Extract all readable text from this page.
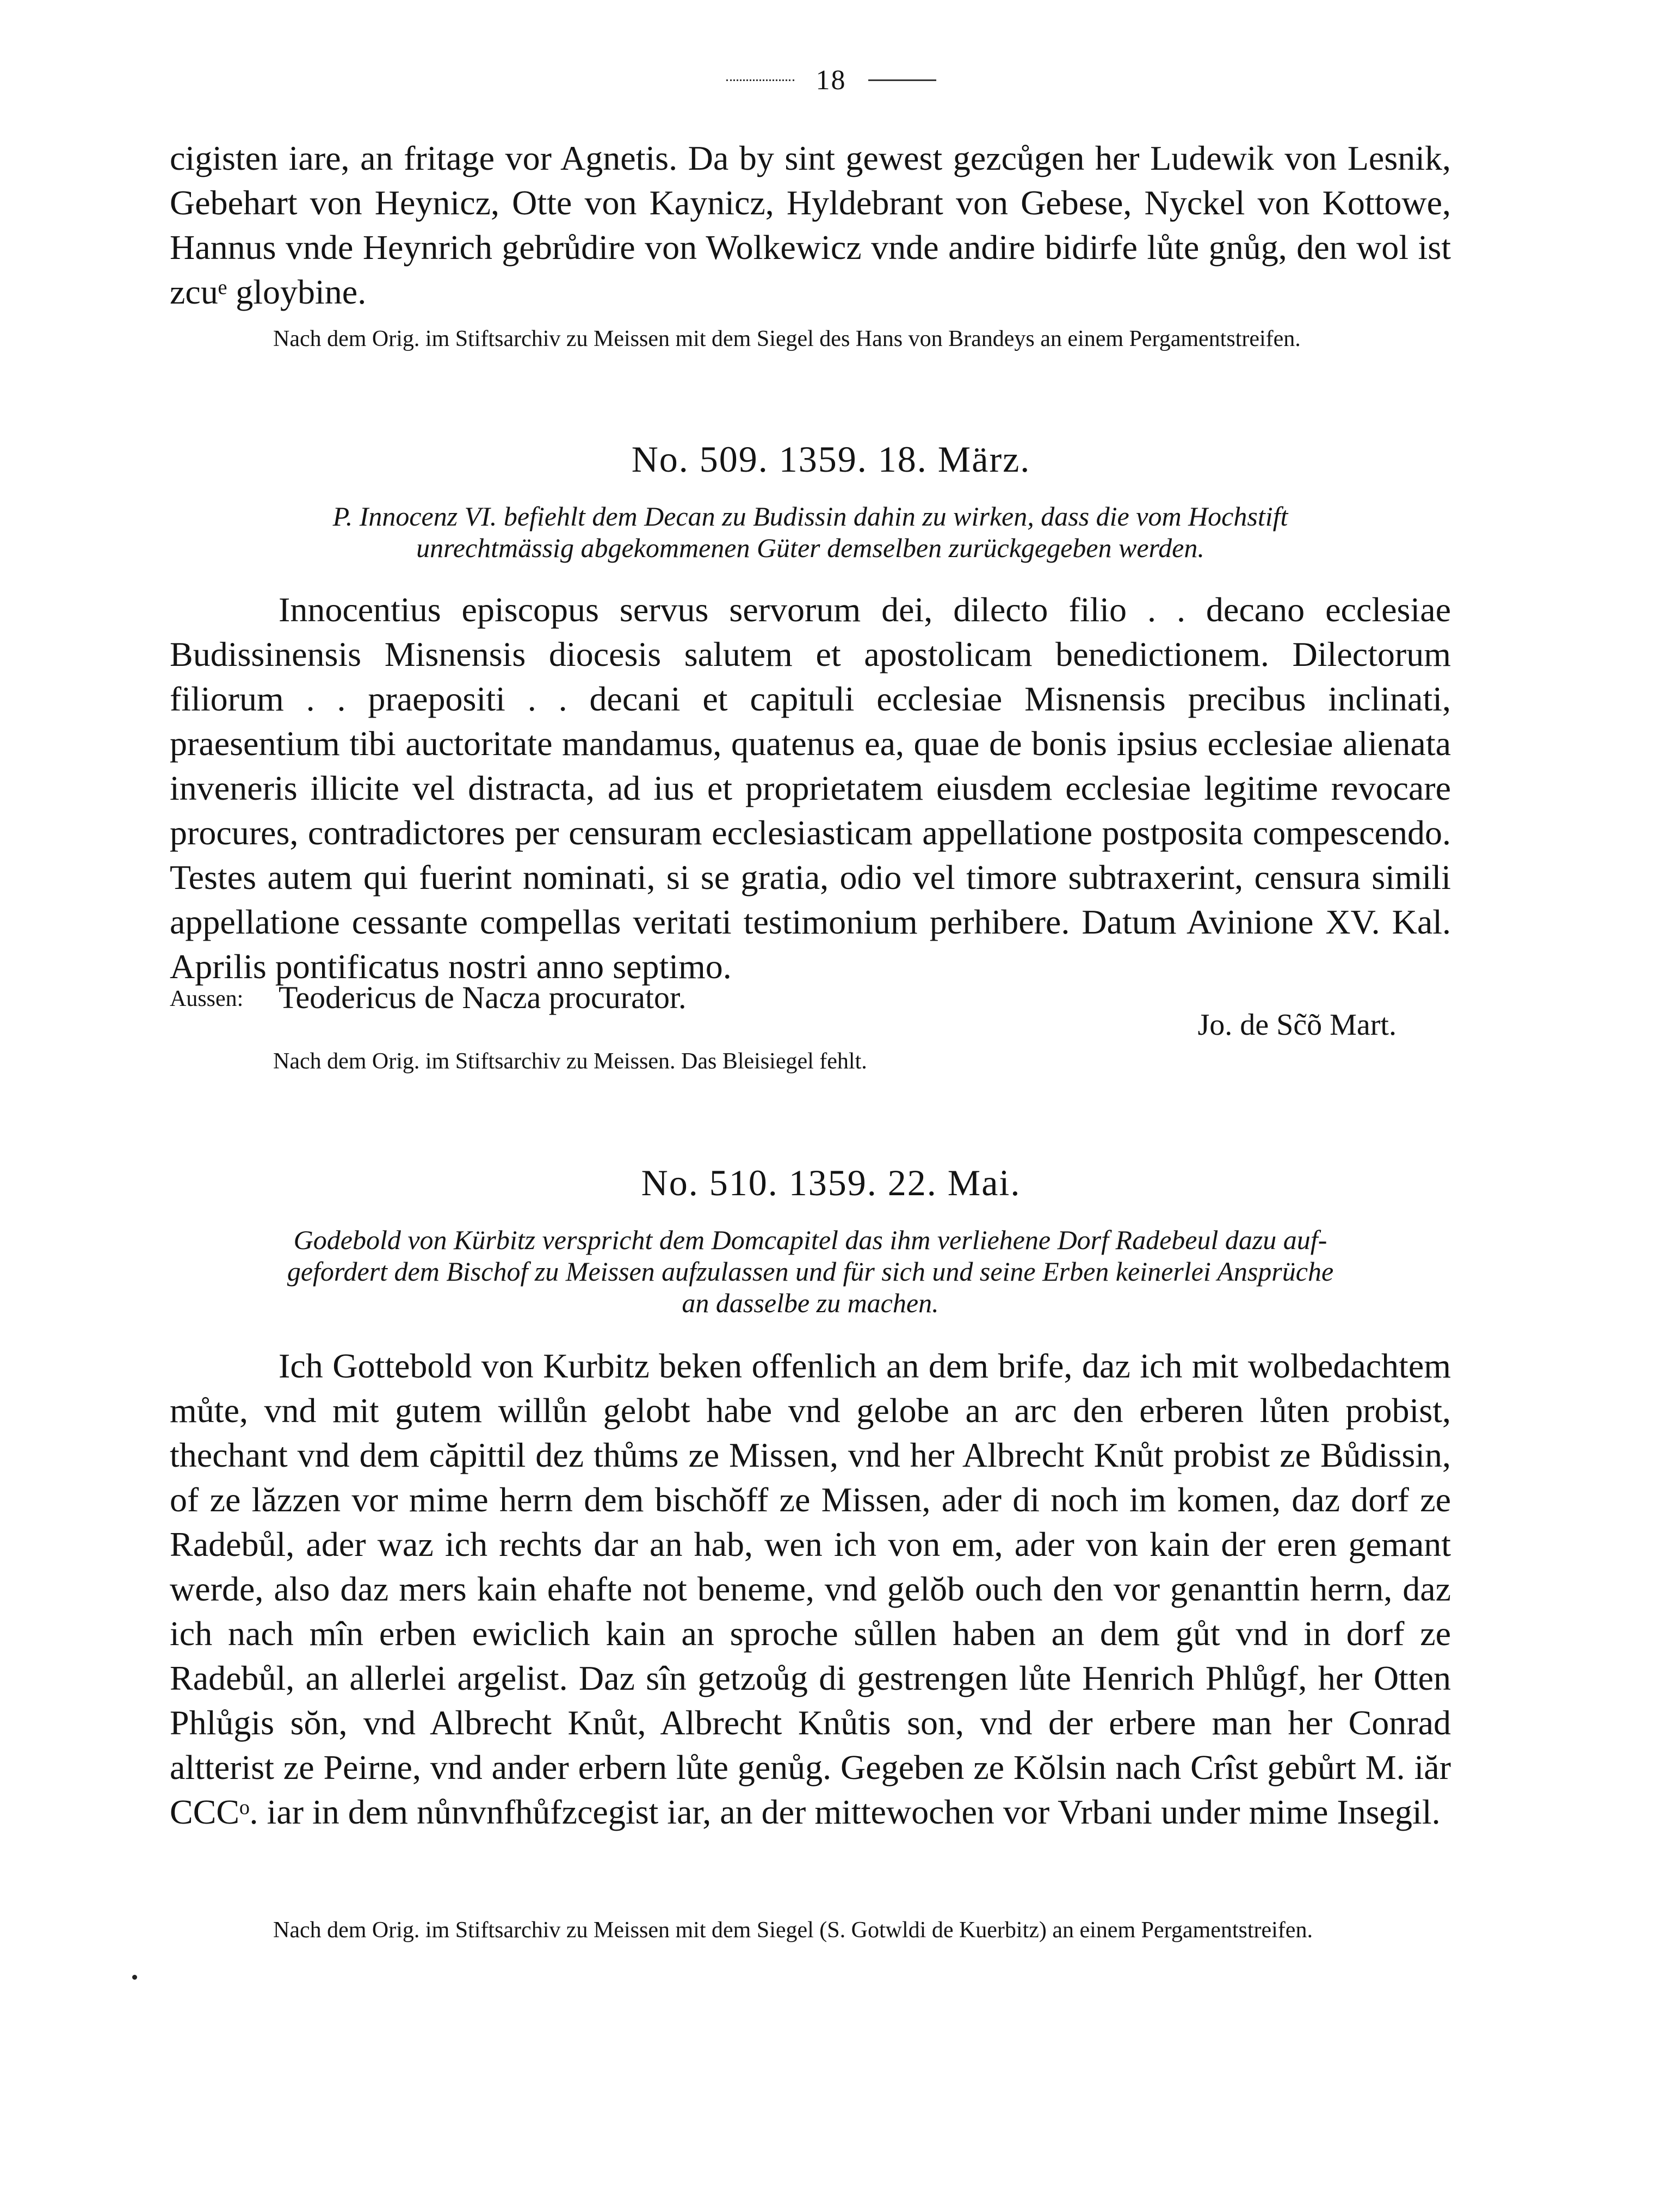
18

cigisten iare, an fritage vor Agnetis. Da by sint gewest gezcůgen her Ludewik von Lesnik, Gebehart von Heynicz, Otte von Kaynicz, Hyldebrant von Gebese, Nyckel von Kottowe, Hannus vnde Heynrich gebrůdire von Wolkewicz vnde andire bidirfe lůte gnůg, den wol ist zcuᵉ gloybine.

Nach dem Orig. im Stiftsarchiv zu Meissen mit dem Siegel des Hans von Brandeys an einem Pergamentstreifen.

No. 509. 1359. 18. März.

P. Innocenz VI. befiehlt dem Decan zu Budissin dahin zu wirken, dass die vom Hochstift

unrechtmässig abgekommenen Güter demselben zurückgegeben werden.

Innocentius episcopus servus servorum dei, dilecto filio . . decano ecclesiae Budissinensis Misnensis diocesis salutem et apostolicam benedictionem. Dilectorum filiorum . . praepositi . . decani et capituli ecclesiae Misnensis precibus inclinati, praesentium tibi auctoritate mandamus, quatenus ea, quae de bonis ipsius ecclesiae alienata inveneris illicite vel distracta, ad ius et proprietatem eiusdem ecclesiae legitime revocare procures, contradictores per censuram ecclesiasticam appellatione postposita compescendo. Testes autem qui fuerint nominati, si se gratia, odio vel timore subtraxerint, censura simili appellatione cessante compellas veritati testimonium perhibere. Datum Avinione XV. Kal. Aprilis pontificatus nostri anno septimo.

Aussen: Teodericus de Nacza procurator.
Jo. de Sc̃õ Mart.

Nach dem Orig. im Stiftsarchiv zu Meissen. Das Bleisiegel fehlt.

No. 510. 1359. 22. Mai.

Godebold von Kürbitz verspricht dem Domcapitel das ihm verliehene Dorf Radebeul dazu auf-

gefordert dem Bischof zu Meissen aufzulassen und für sich und seine Erben keinerlei Ansprüche

an dasselbe zu machen.

Ich Gottebold von Kurbitz beken offenlich an dem brife, daz ich mit wolbedachtem můte, vnd mit gutem willůn gelobt habe vnd gelobe an arc den erberen lůten probist, thechant vnd dem căpittil dez thůms ze Missen, vnd her Albrecht Knůt probist ze Bůdissin, of ze lăzzen vor mime herrn dem bischŏff ze Missen, ader di noch im komen, daz dorf ze Radebůl, ader waz ich rechts dar an hab, wen ich von em, ader von kain der eren gemant werde, also daz mers kain ehafte not beneme, vnd gelŏb ouch den vor genanttin herrn, daz ich nach mîn erben ewiclich kain an sproche sůllen haben an dem gůt vnd in dorf ze Radebůl, an allerlei argelist. Daz sîn getzoůg di gestrengen lůte Henrich Phlůgf, her Otten Phlůgis sŏn, vnd Albrecht Knůt, Albrecht Knůtis son, vnd der erbere man her Conrad altterist ze Peirne, vnd ander erbern lůte genůg. Gegeben ze Kŏlsin nach Crîst gebůrt M. iăr CCCᵒ. iar in dem nůnvnfhůfzcegist iar, an der mittewochen vor Vrbani under mime Insegil.

Nach dem Orig. im Stiftsarchiv zu Meissen mit dem Siegel (S. Gotwldi de Kuerbitz) an einem Pergamentstreifen.
